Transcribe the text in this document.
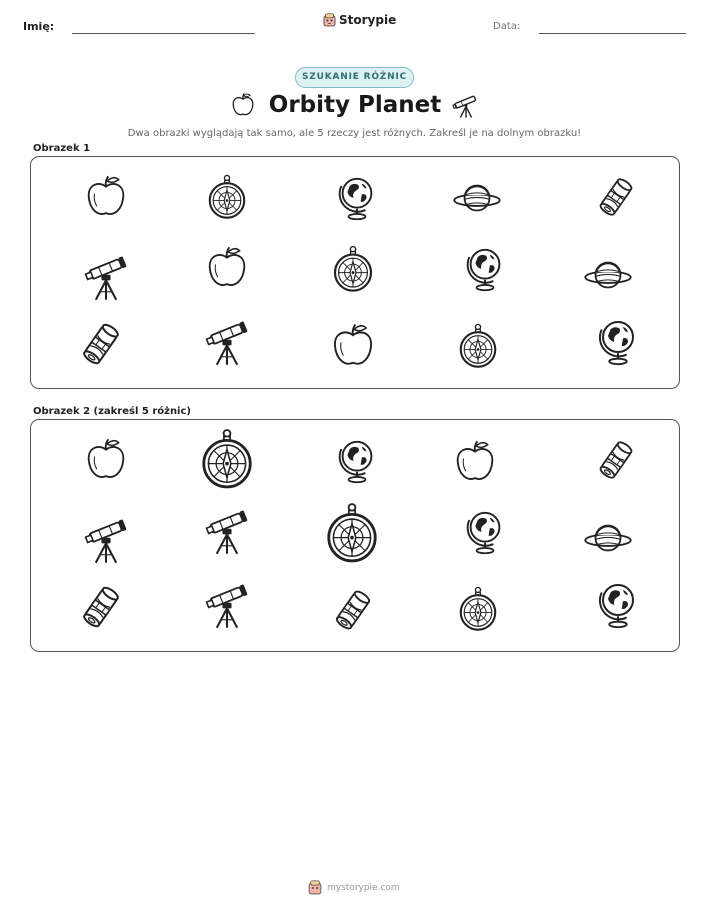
Imię:	Storypie	Data:
SZUKANIE RÓŻNIC
Orbity Planet
Dwa obrazki wyglądają tak samo, ale 5 rzeczy jest różnych. Zakreśl je na dolnym obrazku!
Obrazek 1
Obrazek 2 (zakreśl 5 różnic)
mystorypie.com
